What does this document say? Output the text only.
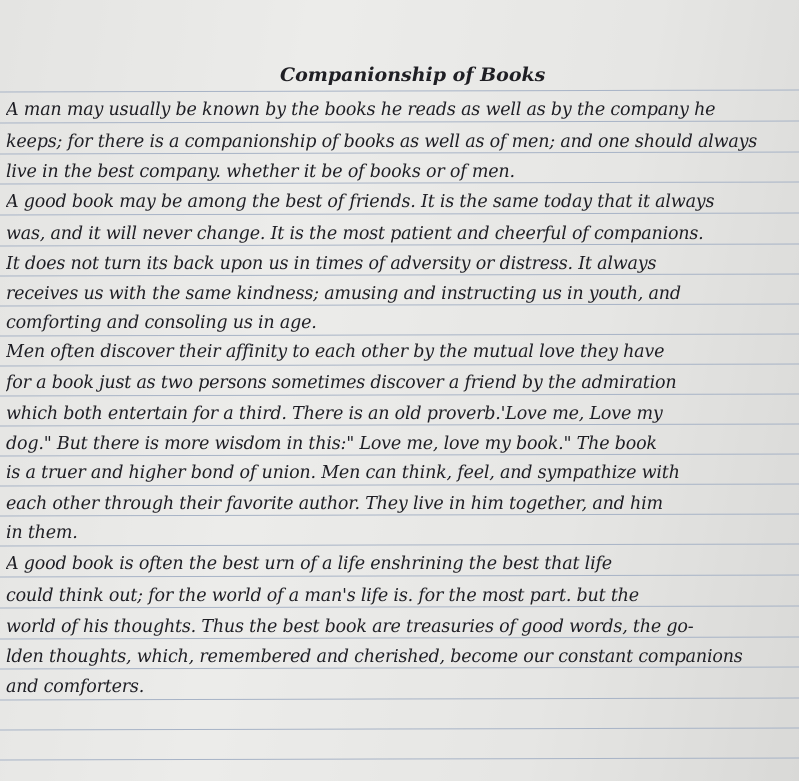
Companionship of Books

A man may usually be known by the books he reads as well as by the company he

keeps; for there is a companionship of books as well as of men; and one should always

live in the best company. whether it be of books or of men.

A good book may be among the best of friends. It is the same today that it always

was, and it will never change. It is the most patient and cheerful of companions.

It does not turn its back upon us in times of adversity or distress. It always

receives us with the same kindness; amusing and instructing us in youth, and

comforting and consoling us in age.

Men often discover their affinity to each other by the mutual love they have

for a book just as two persons sometimes discover a friend by the admiration

which both entertain for a third. There is an old proverb.'Love me, Love my

dog." But there is more wisdom in this:" Love me, love my book." The book

is a truer and higher bond of union. Men can think, feel, and sympathize with

each other through their favorite author. They live in him together, and him

in them.

A good book is often the best urn of a life enshrining the best that life

could think out; for the world of a man's life is. for the most part. but the

world of his thoughts. Thus the best book are treasuries of good words, the go-

lden thoughts, which, remembered and cherished, become our constant companions

and comforters.
